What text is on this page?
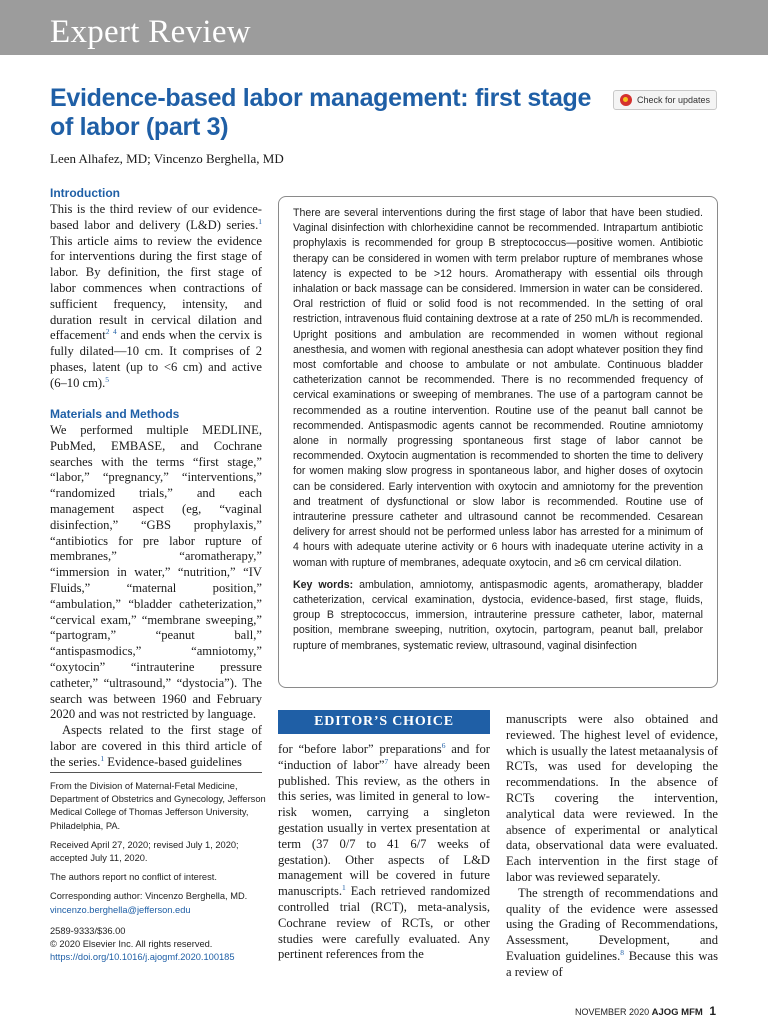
Expert Review
Evidence-based labor management: first stage of labor (part 3)
Check for updates
Leen Alhafez, MD; Vincenzo Berghella, MD
Introduction

This is the third review of our evidence-based labor and delivery (L&D) series.$^1$ This article aims to review the evidence for interventions during the first stage of labor. By definition, the first stage of labor commences when contractions of sufficient frequency, intensity, and duration result in cervical dilation and effacement$^2$ $^4$ and ends when the cervix is fully dilated—10 cm. It comprises of 2 phases, latent (up to <6 cm) and active (6–10 cm).$^5$

Materials and Methods

We performed multiple MEDLINE, PubMed, EMBASE, and Cochrane searches with the terms “first stage,” “labor,” “pregnancy,” “interventions,” “randomized trials,” and each management aspect (eg, “vaginal disinfection,” “GBS prophylaxis,” “antibiotics for pre labor rupture of membranes,” “aromatherapy,” “immersion in water,” “nutrition,” “IV Fluids,” “maternal position,” “ambulation,” “bladder catheterization,” “cervical exam,” “membrane sweeping,” “partogram,” “peanut ball,” “antispasmodics,” “amniotomy,” “oxytocin” “intrauterine pressure catheter,” “ultrasound,” “dystocia”). The search was between 1960 and February 2020 and was not restricted by language.

Aspects related to the first stage of labor are covered in this third article of the series.$^1$ Evidence-based guidelines

There are several interventions during the first stage of labor that have been studied. Vaginal disinfection with chlorhexidine cannot be recommended. Intrapartum antibiotic prophylaxis is recommended for group B streptococcus—positive women. Antibiotic therapy can be considered in women with term prelabor rupture of membranes whose latency is expected to be >12 hours. Aromatherapy with essential oils through inhalation or back massage can be considered. Immersion in water can be considered. Oral restriction of fluid or solid food is not recommended. In the setting of oral restriction, intravenous fluid containing dextrose at a rate of 250 mL/h is recommended. Upright positions and ambulation are recommended in women without regional anesthesia, and women with regional anesthesia can adopt whatever position they find most comfortable and choose to ambulate or not ambulate. Continuous bladder catheterization cannot be recommended. There is no recommended frequency of cervical examinations or sweeping of membranes. The use of a partogram cannot be recommended as a routine intervention. Routine use of the peanut ball cannot be recommended. Antispasmodic agents cannot be recommended. Routine amniotomy alone in normally progressing spontaneous first stage of labor cannot be recommended. Oxytocin augmentation is recommended to shorten the time to delivery for women making slow progress in spontaneous labor, and higher doses of oxytocin can be considered. Early intervention with oxytocin and amniotomy for the prevention and treatment of dysfunctional or slow labor is recommended. Routine use of intrauterine pressure catheter and ultrasound cannot be recommended. Cesarean delivery for arrest should not be performed unless labor has arrested for a minimum of 4 hours with adequate uterine activity or 6 hours with inadequate uterine activity in a woman with rupture of membranes, adequate oxytocin, and ≥6 cm cervical dilation.

Key words: ambulation, amniotomy, antispasmodic agents, aromatherapy, bladder catheterization, cervical examination, dystocia, evidence-based, first stage, fluids, group B streptococcus, immersion, intrauterine pressure catheter, labor, maternal position, membrane sweeping, nutrition, oxytocin, partogram, peanut ball, prelabor rupture of membranes, systematic review, ultrasound, vaginal disinfection

EDITOR’S CHOICE

for “before labor” preparations$^6$ and for “induction of labor”$^7$ have already been published. This review, as the others in this series, was limited in general to low-risk women, carrying a singleton gestation usually in vertex presentation at term (37 0/7 to 41 6/7 weeks of gestation). Other aspects of L&D management will be covered in future manuscripts.$^1$ Each retrieved randomized controlled trial (RCT), meta-analysis, Cochrane review of RCTs, or other studies were carefully evaluated. Any pertinent references from the

manuscripts were also obtained and reviewed. The highest level of evidence, which is usually the latest metaanalysis of RCTs, was used for developing the recommendations. In the absence of RCTs covering the intervention, analytical data were reviewed. In the absence of experimental or analytical data, observational data were evaluated. Each intervention in the first stage of labor was reviewed separately.

The strength of recommendations and quality of the evidence were assessed using the Grading of Recommendations, Assessment, Development, and Evaluation guidelines.$^8$ Because this was a review of

From the Division of Maternal-Fetal Medicine, Department of Obstetrics and Gynecology, Jefferson Medical College of Thomas Jefferson University, Philadelphia, PA.

Received April 27, 2020; revised July 1, 2020; accepted July 11, 2020.

The authors report no conflict of interest.

Corresponding author: Vincenzo Berghella, MD.
vincenzo.berghella@jefferson.edu

2589-9333/$36.00
© 2020 Elsevier Inc. All rights reserved.
https://doi.org/10.1016/j.ajogmf.2020.100185

NOVEMBER 2020 AJOG MFM 1
